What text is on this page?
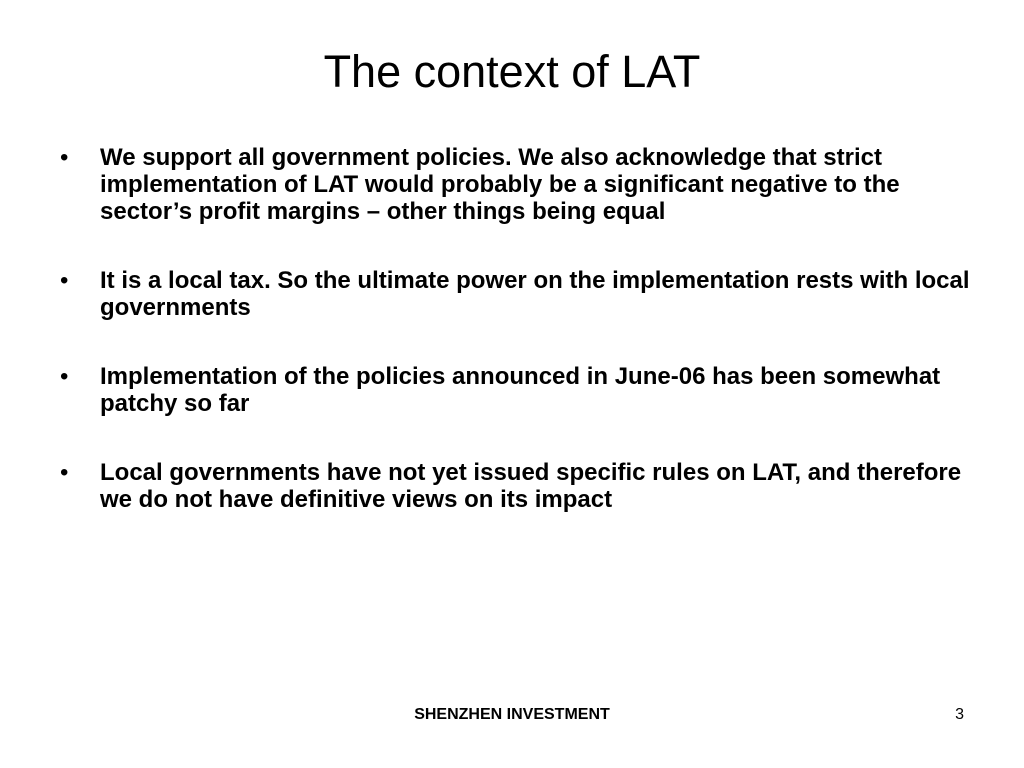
The context of LAT
• We support all government policies. We also acknowledge that strict implementation of LAT would probably be a significant negative to the sector’s profit margins – other things being equal
• It is a local tax. So the ultimate power on the implementation rests with local governments
• Implementation of the policies announced in June-06 has been somewhat patchy so far
• Local governments have not yet issued specific rules on LAT, and therefore we do not have definitive views on its impact
SHENZHEN INVESTMENT	3
